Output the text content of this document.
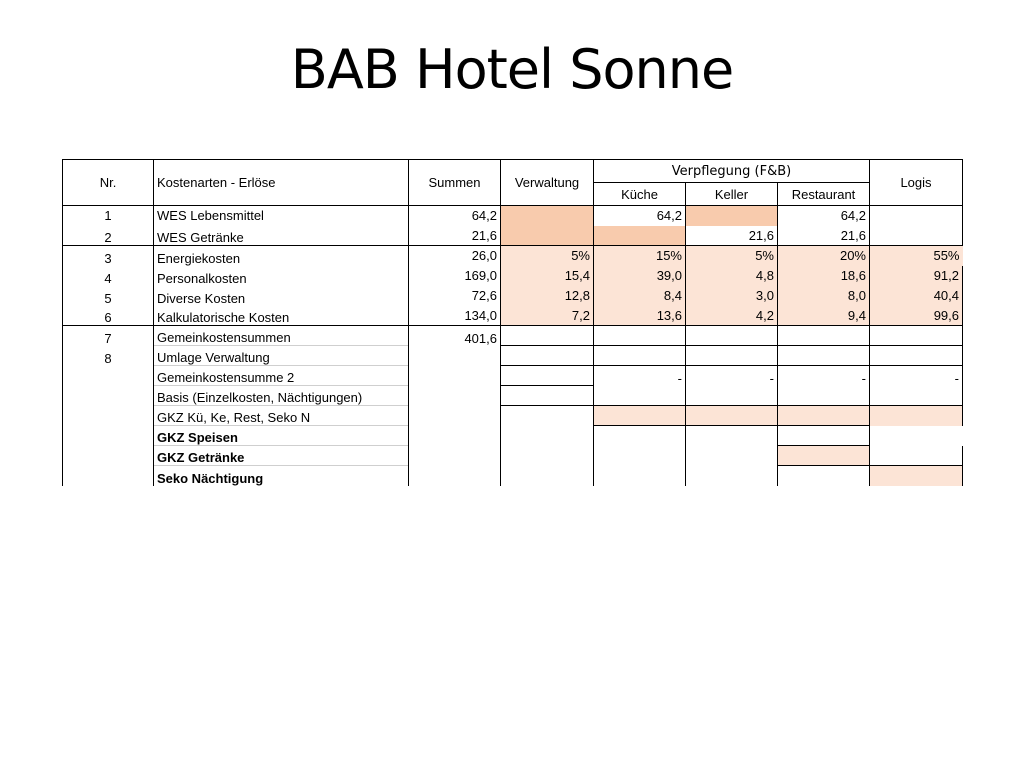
BAB Hotel Sonne
Nr.	Kostenarten - Erlöse	Summen	Verwaltung	Verpflegung (F&B)			Logis
				Küche	Keller	Restaurant	
1	WES Lebensmittel	64,2		64,2		64,2	
2	WES Getränke	21,6			21,6	21,6	
3	Energiekosten	26,0	5%	15%	5%	20%	55%
4	Personalkosten	169,0	15,4	39,0	4,8	18,6	91,2
5	Diverse Kosten	72,6	12,8	8,4	3,0	8,0	40,4
6	Kalkulatorische Kosten	134,0	7,2	13,6	4,2	9,4	99,6
7	Gemeinkostensummen	401,6					
8	Umlage Verwaltung						
	Gemeinkostensumme 2			-	-	-	-
	Basis (Einzelkosten, Nächtigungen)						
	GKZ Kü, Ke, Rest, Seko N						
	GKZ Speisen						
	GKZ Getränke						
	Seko Nächtigung						
